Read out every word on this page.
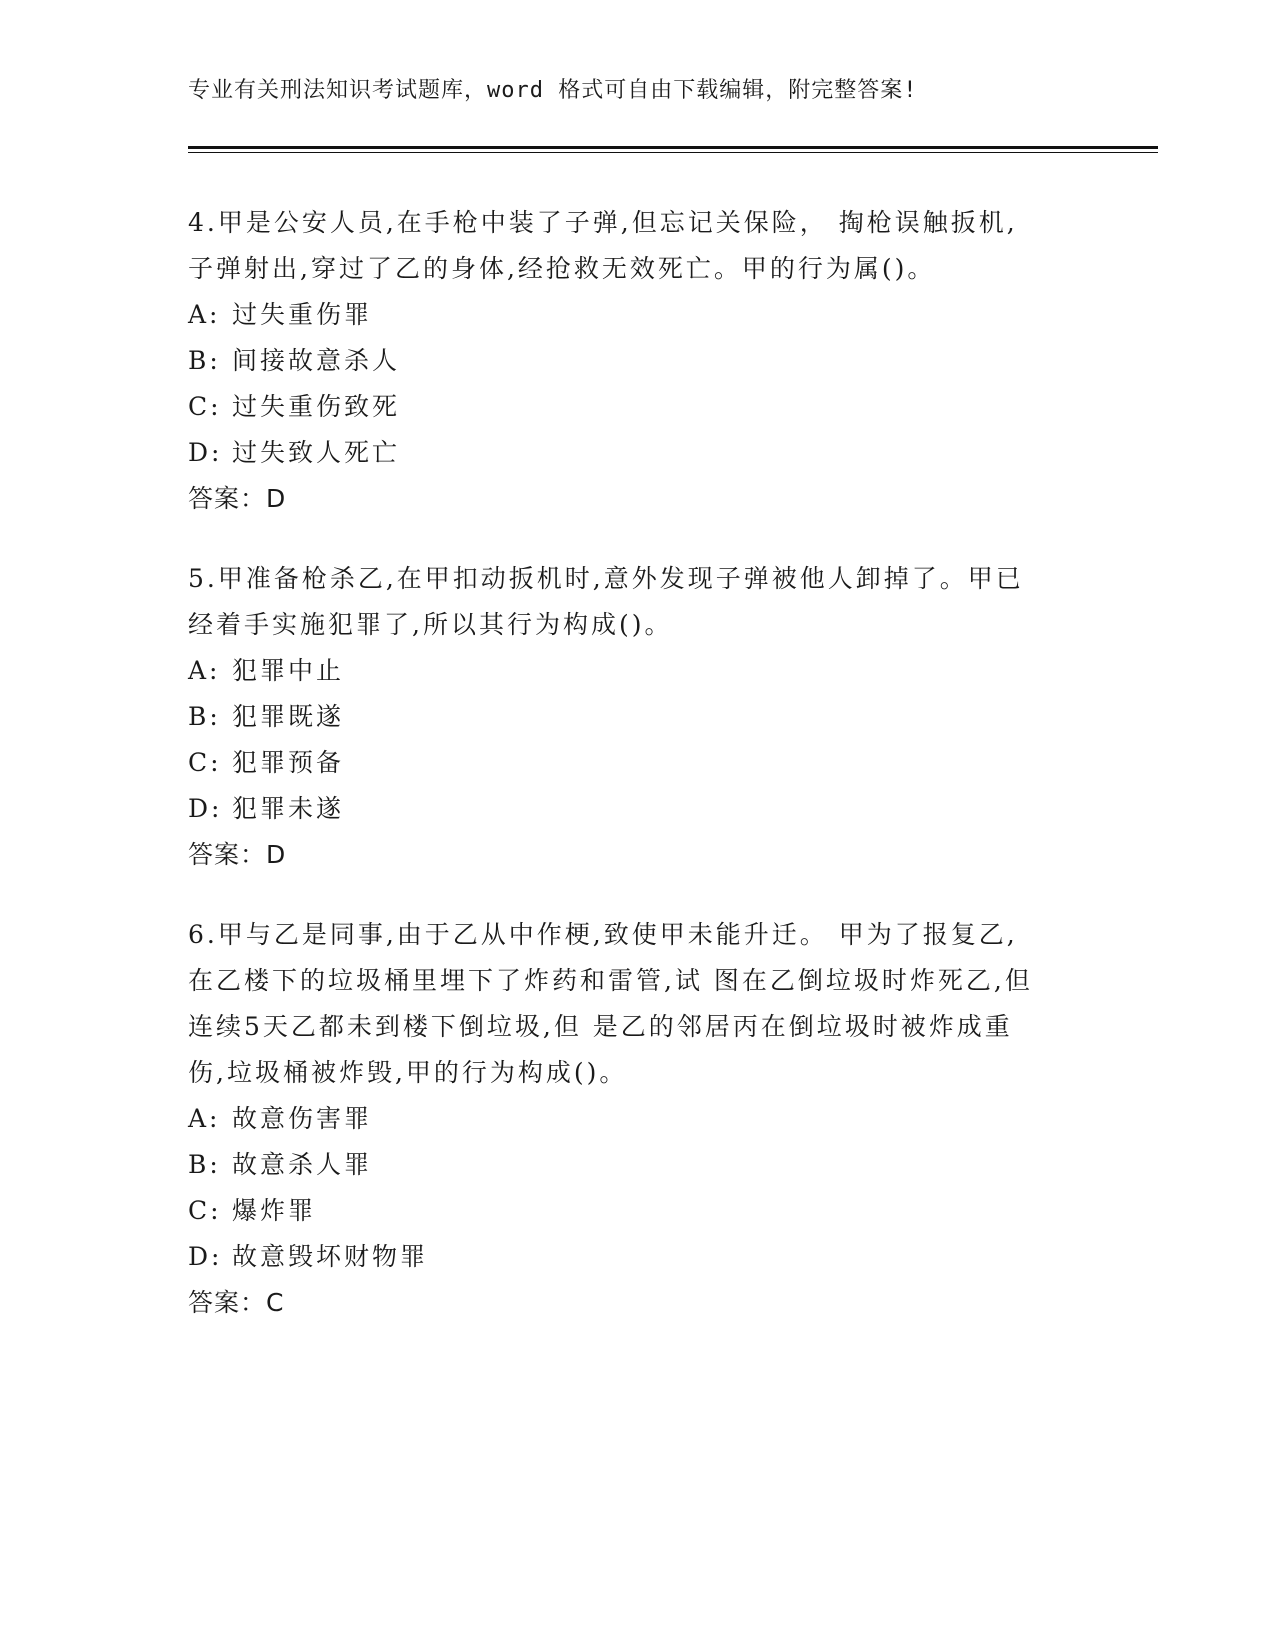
专业有关刑法知识考试题库，word 格式可自由下载编辑，附完整答案!
4.甲是公安人员,在手枪中装了子弹,但忘记关保险， 掏枪误触扳机,
子弹射出,穿过了乙的身体,经抢救无效死亡。甲的行为属()。
A: 过失重伤罪
B: 间接故意杀人
C: 过失重伤致死
D: 过失致人死亡
答案：D
5.甲准备枪杀乙,在甲扣动扳机时,意外发现子弹被他人卸掉了。甲已
经着手实施犯罪了,所以其行为构成()。
A: 犯罪中止
B: 犯罪既遂
C: 犯罪预备
D: 犯罪未遂
答案：D
6.甲与乙是同事,由于乙从中作梗,致使甲未能升迁。 甲为了报复乙,
在乙楼下的垃圾桶里埋下了炸药和雷管,试 图在乙倒垃圾时炸死乙,但
连续5天乙都未到楼下倒垃圾,但 是乙的邻居丙在倒垃圾时被炸成重
伤,垃圾桶被炸毁,甲的行为构成()。
A: 故意伤害罪
B: 故意杀人罪
C: 爆炸罪
D: 故意毁坏财物罪
答案：C
